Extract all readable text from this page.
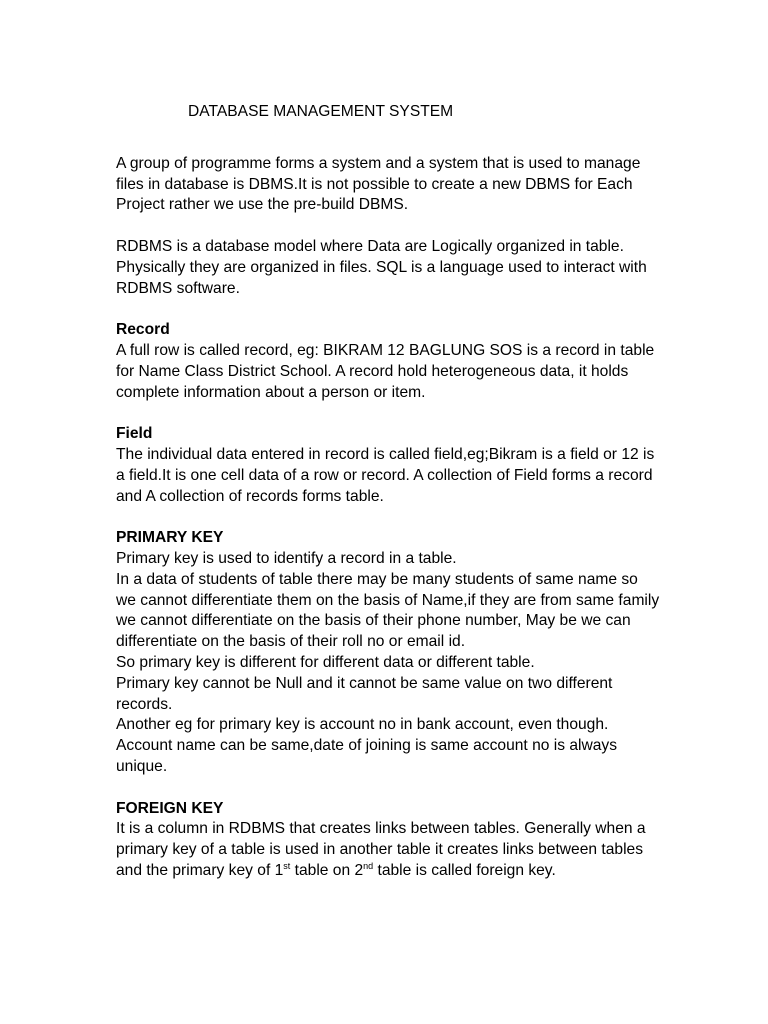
DATABASE MANAGEMENT SYSTEM

A group of programme forms a system and a system that is used to manage files in database is DBMS.It is not possible to create a new DBMS for Each Project rather we use the pre-build DBMS.

RDBMS is a database model where Data are Logically organized in table. Physically they are organized in files. SQL is a language used to interact with RDBMS software.

Record

A full row is called record, eg: BIKRAM 12 BAGLUNG SOS is a record in table for Name Class District School. A record hold heterogeneous data, it holds complete information about a person or item.

Field

The individual data entered in record is called field,eg;Bikram is a field or 12 is a field.It is one cell data of a row or record. A collection of Field forms a record and A collection of records forms table.

PRIMARY KEY

Primary key is used to identify a record in a table.

In a data of students of table there may be many students of same name so we cannot differentiate them on the basis of Name,if they are from same family we cannot differentiate on the basis of their phone number, May be we can differentiate on the basis of their roll no or email id.

So primary key is different for different data or different table.

Primary key cannot be Null and it cannot be same value on two different records.

Another eg for primary key is account no in bank account, even though. Account name can be same,date of joining is same account no is always unique.

FOREIGN KEY

It is a column in RDBMS that creates links between tables. Generally when a primary key of a table is used in another table it creates links between tables and the primary key of 1st table on 2nd table is called foreign key.
